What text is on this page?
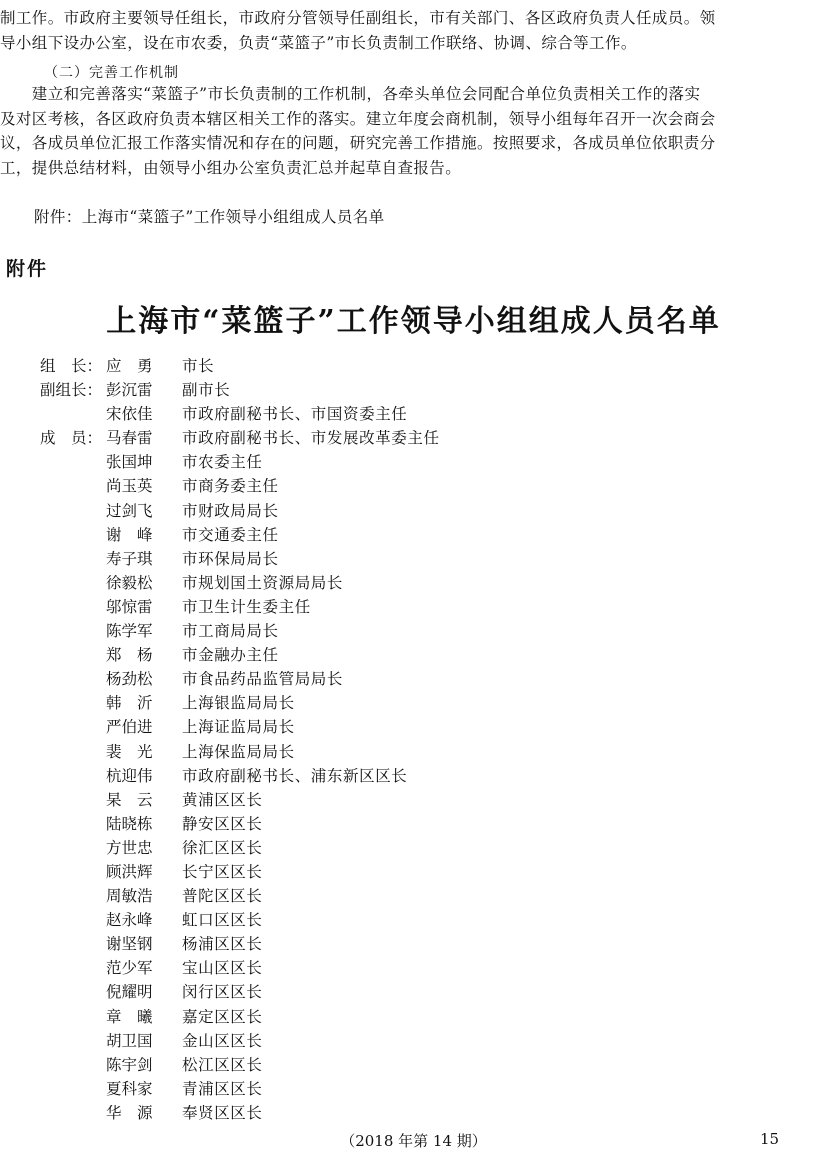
制工作。市政府主要领导任组长，市政府分管领导任副组长，市有关部门、各区政府负责人任成员。领
导小组下设办公室，设在市农委，负责“菜篮子”市长负责制工作联络、协调、综合等工作。
（二）完善工作机制
　　建立和完善落实“菜篮子”市长负责制的工作机制，各牵头单位会同配合单位负责相关工作的落实
及对区考核，各区政府负责本辖区相关工作的落实。建立年度会商机制，领导小组每年召开一次会商会
议，各成员单位汇报工作落实情况和存在的问题，研究完善工作措施。按照要求，各成员单位依职责分
工，提供总结材料，由领导小组办公室负责汇总并起草自查报告。
附件：上海市“菜篮子”工作领导小组组成人员名单
附件
上海市“菜篮子”工作领导小组组成人员名单
组　长： 应　勇	市长
副组长： 彭沉雷	副市长
宋依佳	市政府副秘书长、市国资委主任
成　员： 马春雷	市政府副秘书长、市发展改革委主任
张国坤	市农委主任
尚玉英	市商务委主任
过剑飞	市财政局局长
谢　峰	市交通委主任
寿子琪	市环保局局长
徐毅松	市规划国土资源局局长
邬惊雷	市卫生计生委主任
陈学军	市工商局局长
郑　杨	市金融办主任
杨劲松	市食品药品监管局局长
韩　沂	上海银监局局长
严伯进	上海证监局局长
裴　光	上海保监局局长
杭迎伟	市政府副秘书长、浦东新区区长
杲　云	黄浦区区长
陆晓栋	静安区区长
方世忠	徐汇区区长
顾洪辉	长宁区区长
周敏浩	普陀区区长
赵永峰	虹口区区长
谢坚钢	杨浦区区长
范少军	宝山区区长
倪耀明	闵行区区长
章　曦	嘉定区区长
胡卫国	金山区区长
陈宇剑	松江区区长
夏科家	青浦区区长
华　源	奉贤区区长
（2018 年第 14 期）	15
